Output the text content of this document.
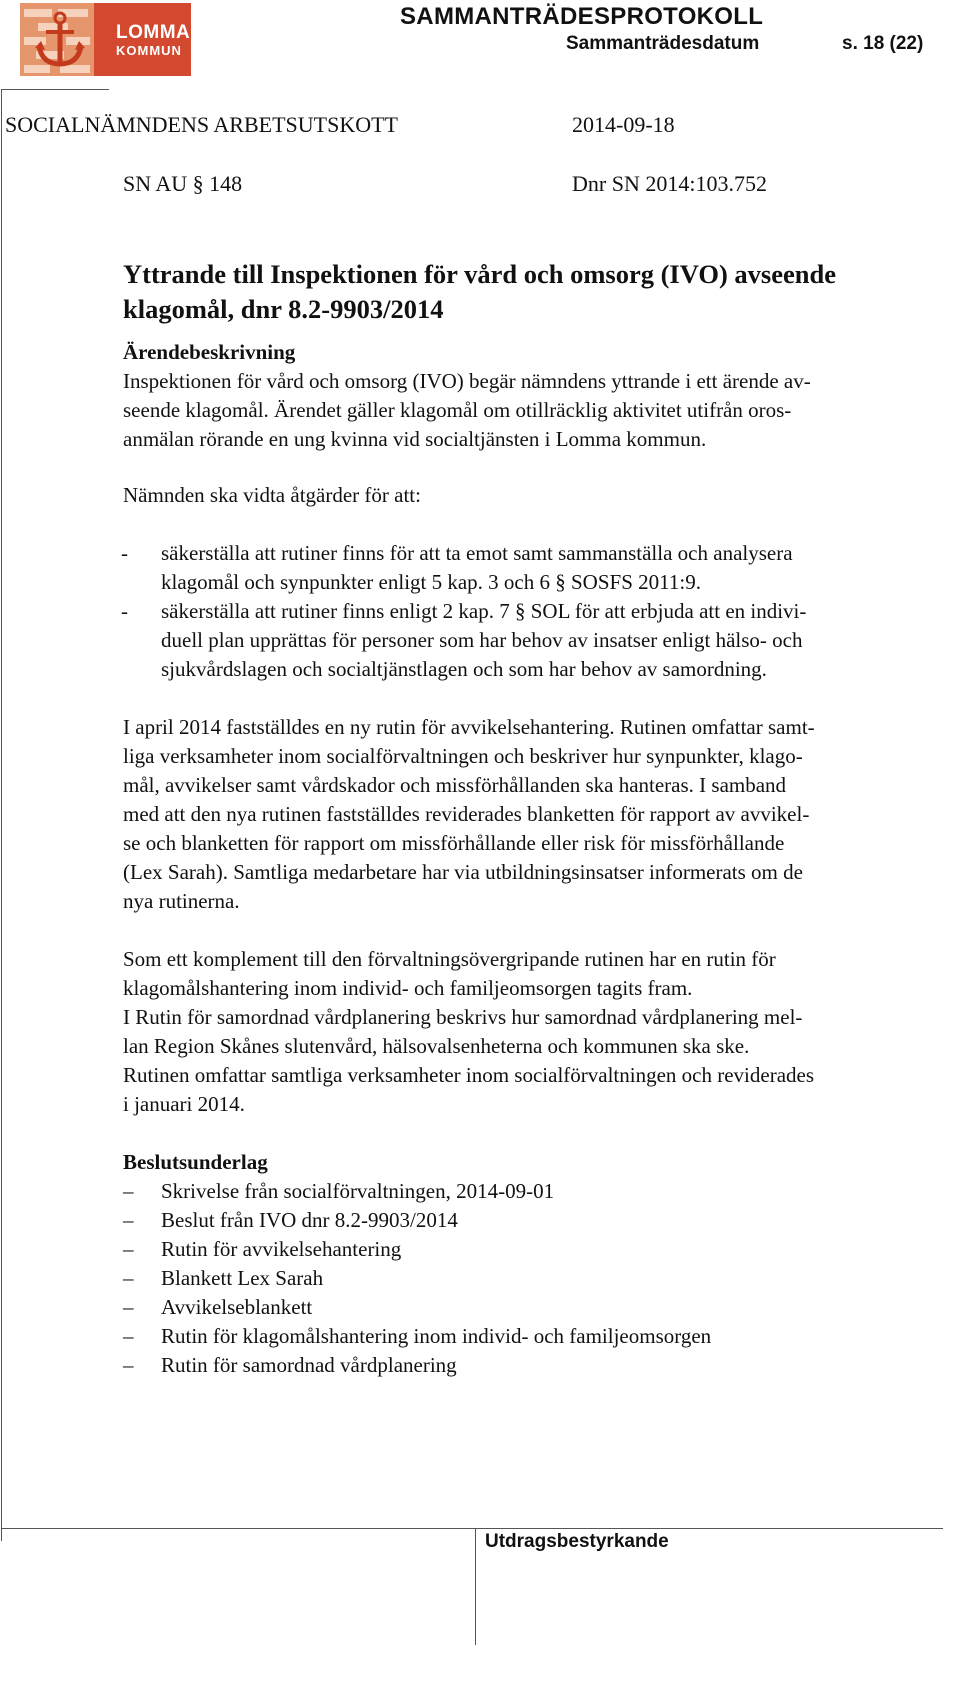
LOMMA
KOMMUN
SAMMANTRÄDESPROTOKOLL
Sammanträdesdatum	s. 18 (22)
SOCIALNÄMNDENS ARBETSUTSKOTT	2014-09-18
SN AU § 148	Dnr SN 2014:103.752
Yttrande till Inspektionen för vård och omsorg (IVO) avseende
klagomål, dnr 8.2-9903/2014
Ärendebeskrivning
Inspektionen för vård och omsorg (IVO) begär nämndens yttrande i ett ärende av-
seende klagomål. Ärendet gäller klagomål om otillräcklig aktivitet utifrån oros-
anmälan rörande en ung kvinna vid socialtjänsten i Lomma kommun.
Nämnden ska vidta åtgärder för att:
- säkerställa att rutiner finns för att ta emot samt sammanställa och analysera
klagomål och synpunkter enligt 5 kap. 3 och 6 § SOSFS 2011:9.
- säkerställa att rutiner finns enligt 2 kap. 7 § SOL för att erbjuda att en indivi-
duell plan upprättas för personer som har behov av insatser enligt hälso- och
sjukvårdslagen och socialtjänstlagen och som har behov av samordning.
I april 2014 fastställdes en ny rutin för avvikelsehantering. Rutinen omfattar samt-
liga verksamheter inom socialförvaltningen och beskriver hur synpunkter, klago-
mål, avvikelser samt vårdskador och missförhållanden ska hanteras. I samband
med att den nya rutinen fastställdes reviderades blanketten för rapport av avvikel-
se och blanketten för rapport om missförhållande eller risk för missförhållande
(Lex Sarah). Samtliga medarbetare har via utbildningsinsatser informerats om de
nya rutinerna.
Som ett komplement till den förvaltningsövergripande rutinen har en rutin för
klagomålshantering inom individ- och familjeomsorgen tagits fram.
I Rutin för samordnad vårdplanering beskrivs hur samordnad vårdplanering mel-
lan Region Skånes slutenvård, hälsovalsenheterna och kommunen ska ske.
Rutinen omfattar samtliga verksamheter inom socialförvaltningen och reviderades
i januari 2014.
Beslutsunderlag
– Skrivelse från socialförvaltningen, 2014-09-01
– Beslut från IVO dnr 8.2-9903/2014
– Rutin för avvikelsehantering
– Blankett Lex Sarah
– Avvikelseblankett
– Rutin för klagomålshantering inom individ- och familjeomsorgen
– Rutin för samordnad vårdplanering
Utdragsbestyrkande
